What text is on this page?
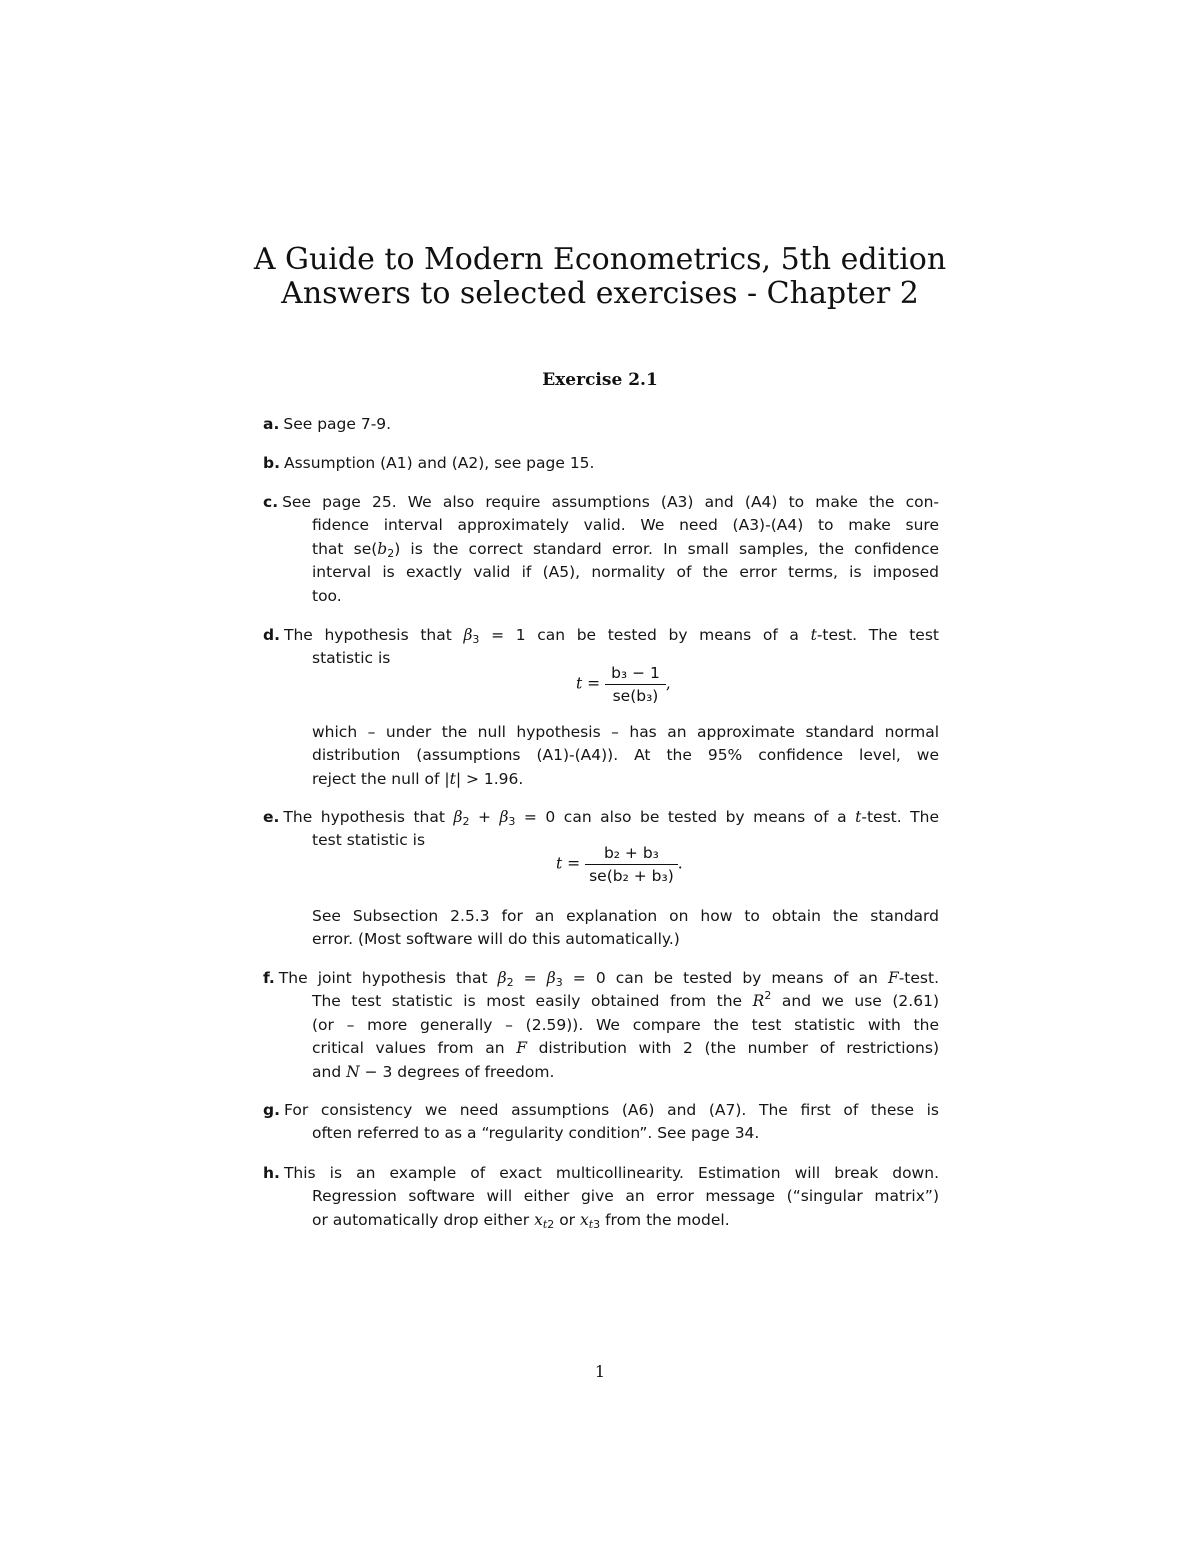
A Guide to Modern Econometrics, 5th edition
Answers to selected exercises - Chapter 2
Exercise 2.1
a. See page 7-9.
b. Assumption (A1) and (A2), see page 15.
c. See page 25. We also require assumptions (A3) and (A4) to make the con-
fidence interval approximately valid. We need (A3)-(A4) to make sure
that $se(b_2)$ is the correct standard error. In small samples, the confidence
interval is exactly valid if (A5), normality of the error terms, is imposed
too.
d. The hypothesis that $\beta_3 = 1$ can be tested by means of a t-test. The test
statistic is
$t = \frac{\text{b₃ − 1}}{\text{se(b₃)}}$ ,
which – under the null hypothesis – has an approximate standard normal
distribution (assumptions (A1)-(A4)). At the 95% confidence level, we
reject the null of |t| > 1.96.
e. The hypothesis that $\beta_2 + \beta_3 = 0$ can also be tested by means of a t-test. The
test statistic is
$t = \frac{\text{b₂ + b₃}}{\text{se(b₂ + b₃)}}$ .
See Subsection 2.5.3 for an explanation on how to obtain the standard
error. (Most software will do this automatically.)
f. The joint hypothesis that $\beta_2 = \beta_3 = 0$ can be tested by means of an F-test.
The test statistic is most easily obtained from the $R^2$ and we use (2.61)
(or – more generally – (2.59)). We compare the test statistic with the
critical values from an F distribution with 2 (the number of restrictions)
and N − 3 degrees of freedom.
g. For consistency we need assumptions (A6) and (A7). The first of these is
often referred to as a “regularity condition”. See page 34.
h. This is an example of exact multicollinearity. Estimation will break down.
Regression software will either give an error message (“singular matrix”)
or automatically drop either $x_{t2}$ or $x_{t3}$ from the model.
1
